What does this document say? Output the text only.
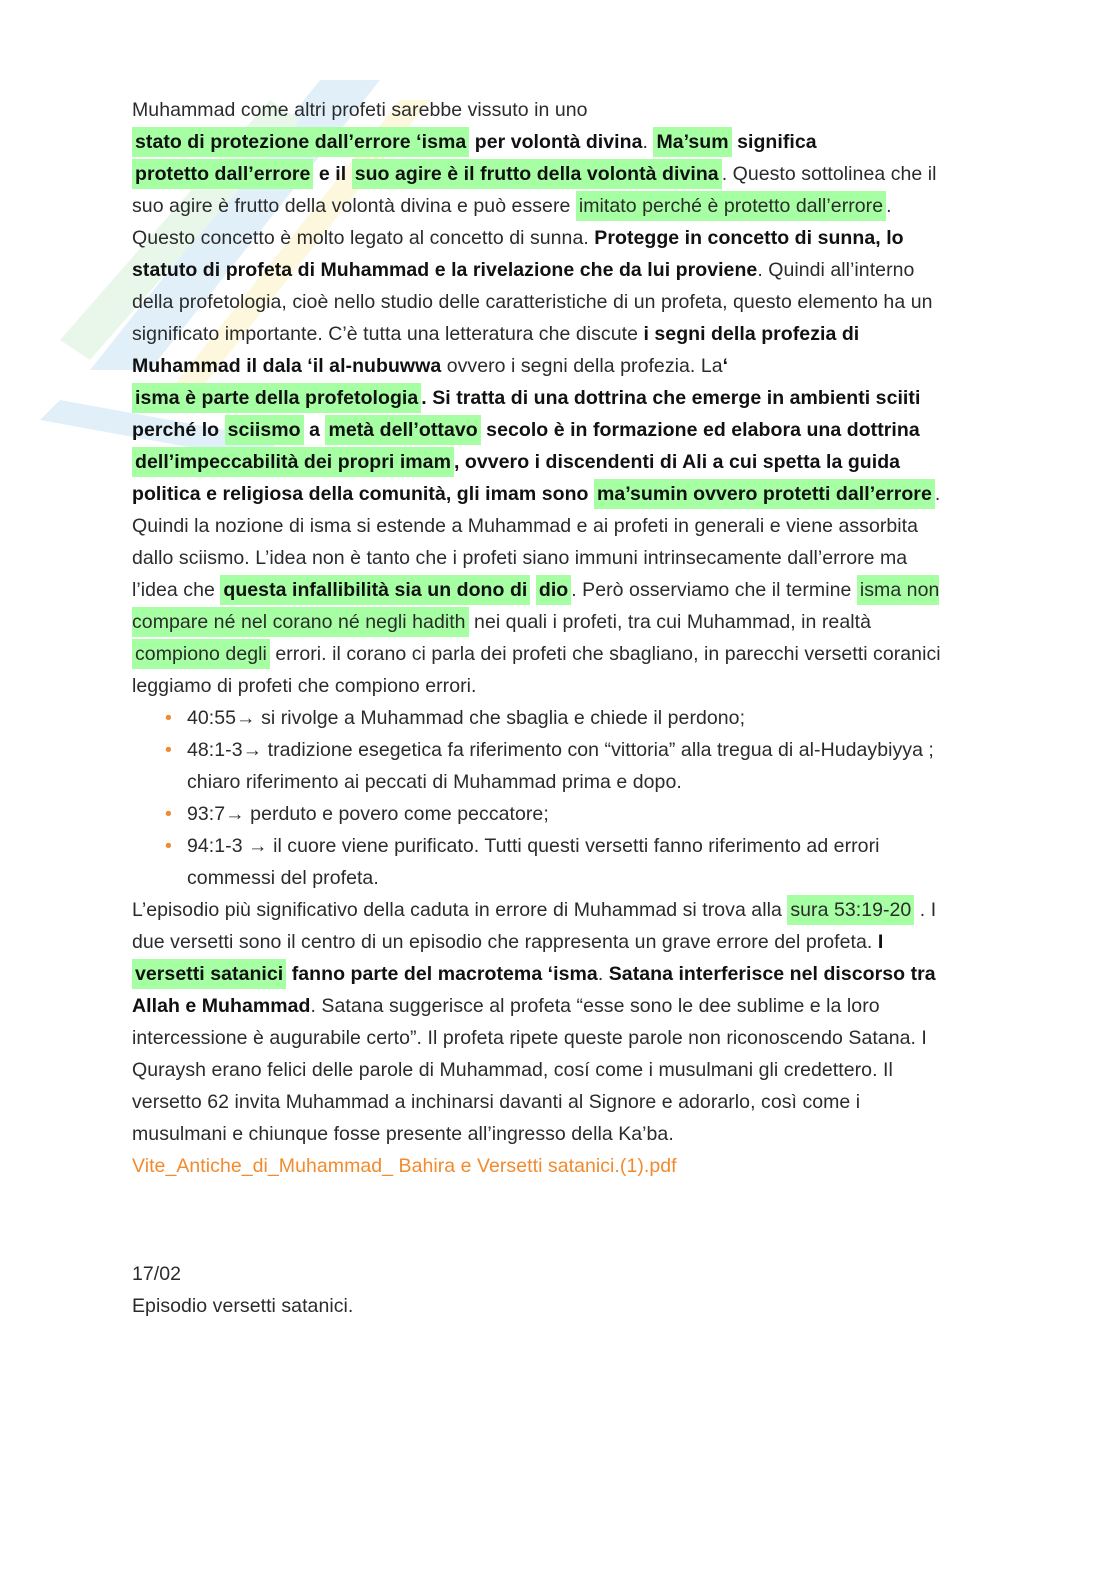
Muhammad come altri profeti sarebbe vissuto in uno
stato di protezione dall’errore ‘isma per volontà divina. Ma’sum significa
protetto dall’errore e il suo agire è il frutto della volontà divina . Questo sottolinea che il suo agire è frutto della volontà divina e può essere imitato perché è protetto dall’errore . Questo concetto è molto legato al concetto di sunna. Protegge in concetto di sunna, lo statuto di profeta di Muhammad e la rivelazione che da lui proviene. Quindi all’interno della profetologia, cioè nello studio delle caratteristiche di un profeta, questo elemento ha un significato importante. C’è tutta una letteratura che discute i segni della profezia di Muhammad il dala ‘il al-nubuwwa ovvero i segni della profezia. La‘
isma è parte della profetologia . Si tratta di una dottrina che emerge in ambienti sciiti perché lo sciismo a metà dell’ottavo secolo è in formazione ed elabora una dottrina dell’impeccabilità dei propri imam , ovvero i discendenti di Ali a cui spetta la guida politica e religiosa della comunità, gli imam sono ma’sumin ovvero protetti dall’errore . Quindi la nozione di isma si estende a Muhammad e ai profeti in generali e viene assorbita dallo sciismo. L’idea non è tanto che i profeti siano immuni intrinsecamente dall’errore ma l’idea che questa infallibilità sia un dono di dio . Però osserviamo che il termine isma non compare né nel corano né negli hadith nei quali i profeti, tra cui Muhammad, in realtà compiono degli errori. il corano ci parla dei profeti che sbagliano, in parecchi versetti coranici leggiamo di profeti che compiono errori.

• 40:55→ si rivolge a Muhammad che sbaglia e chiede il perdono;
• 48:1-3→ tradizione esegetica fa riferimento con “vittoria” alla tregua di al-Hudaybiyya ; chiaro riferimento ai peccati di Muhammad prima e dopo.
• 93:7→ perduto e povero come peccatore;
• 94:1-3 → il cuore viene purificato. Tutti questi versetti fanno riferimento ad errori commessi del profeta.

L’episodio più significativo della caduta in errore di Muhammad si trova alla sura 53:19-20 . I due versetti sono il centro di un episodio che rappresenta un grave errore del profeta. I versetti satanici fanno parte del macrotema ‘isma. Satana interferisce nel discorso tra Allah e Muhammad. Satana suggerisce al profeta “esse sono le dee sublime e la loro intercessione è augurabile certo”. Il profeta ripete queste parole non riconoscendo Satana. I Quraysh erano felici delle parole di Muhammad, cosí come i musulmani gli credettero. Il versetto 62 invita Muhammad a inchinarsi davanti al Signore e adorarlo, così come i musulmani e chiunque fosse presente all’ingresso della Ka’ba.

Vite_Antiche_di_Muhammad_ Bahira e Versetti satanici.(1).pdf
17/02
Episodio versetti satanici.
